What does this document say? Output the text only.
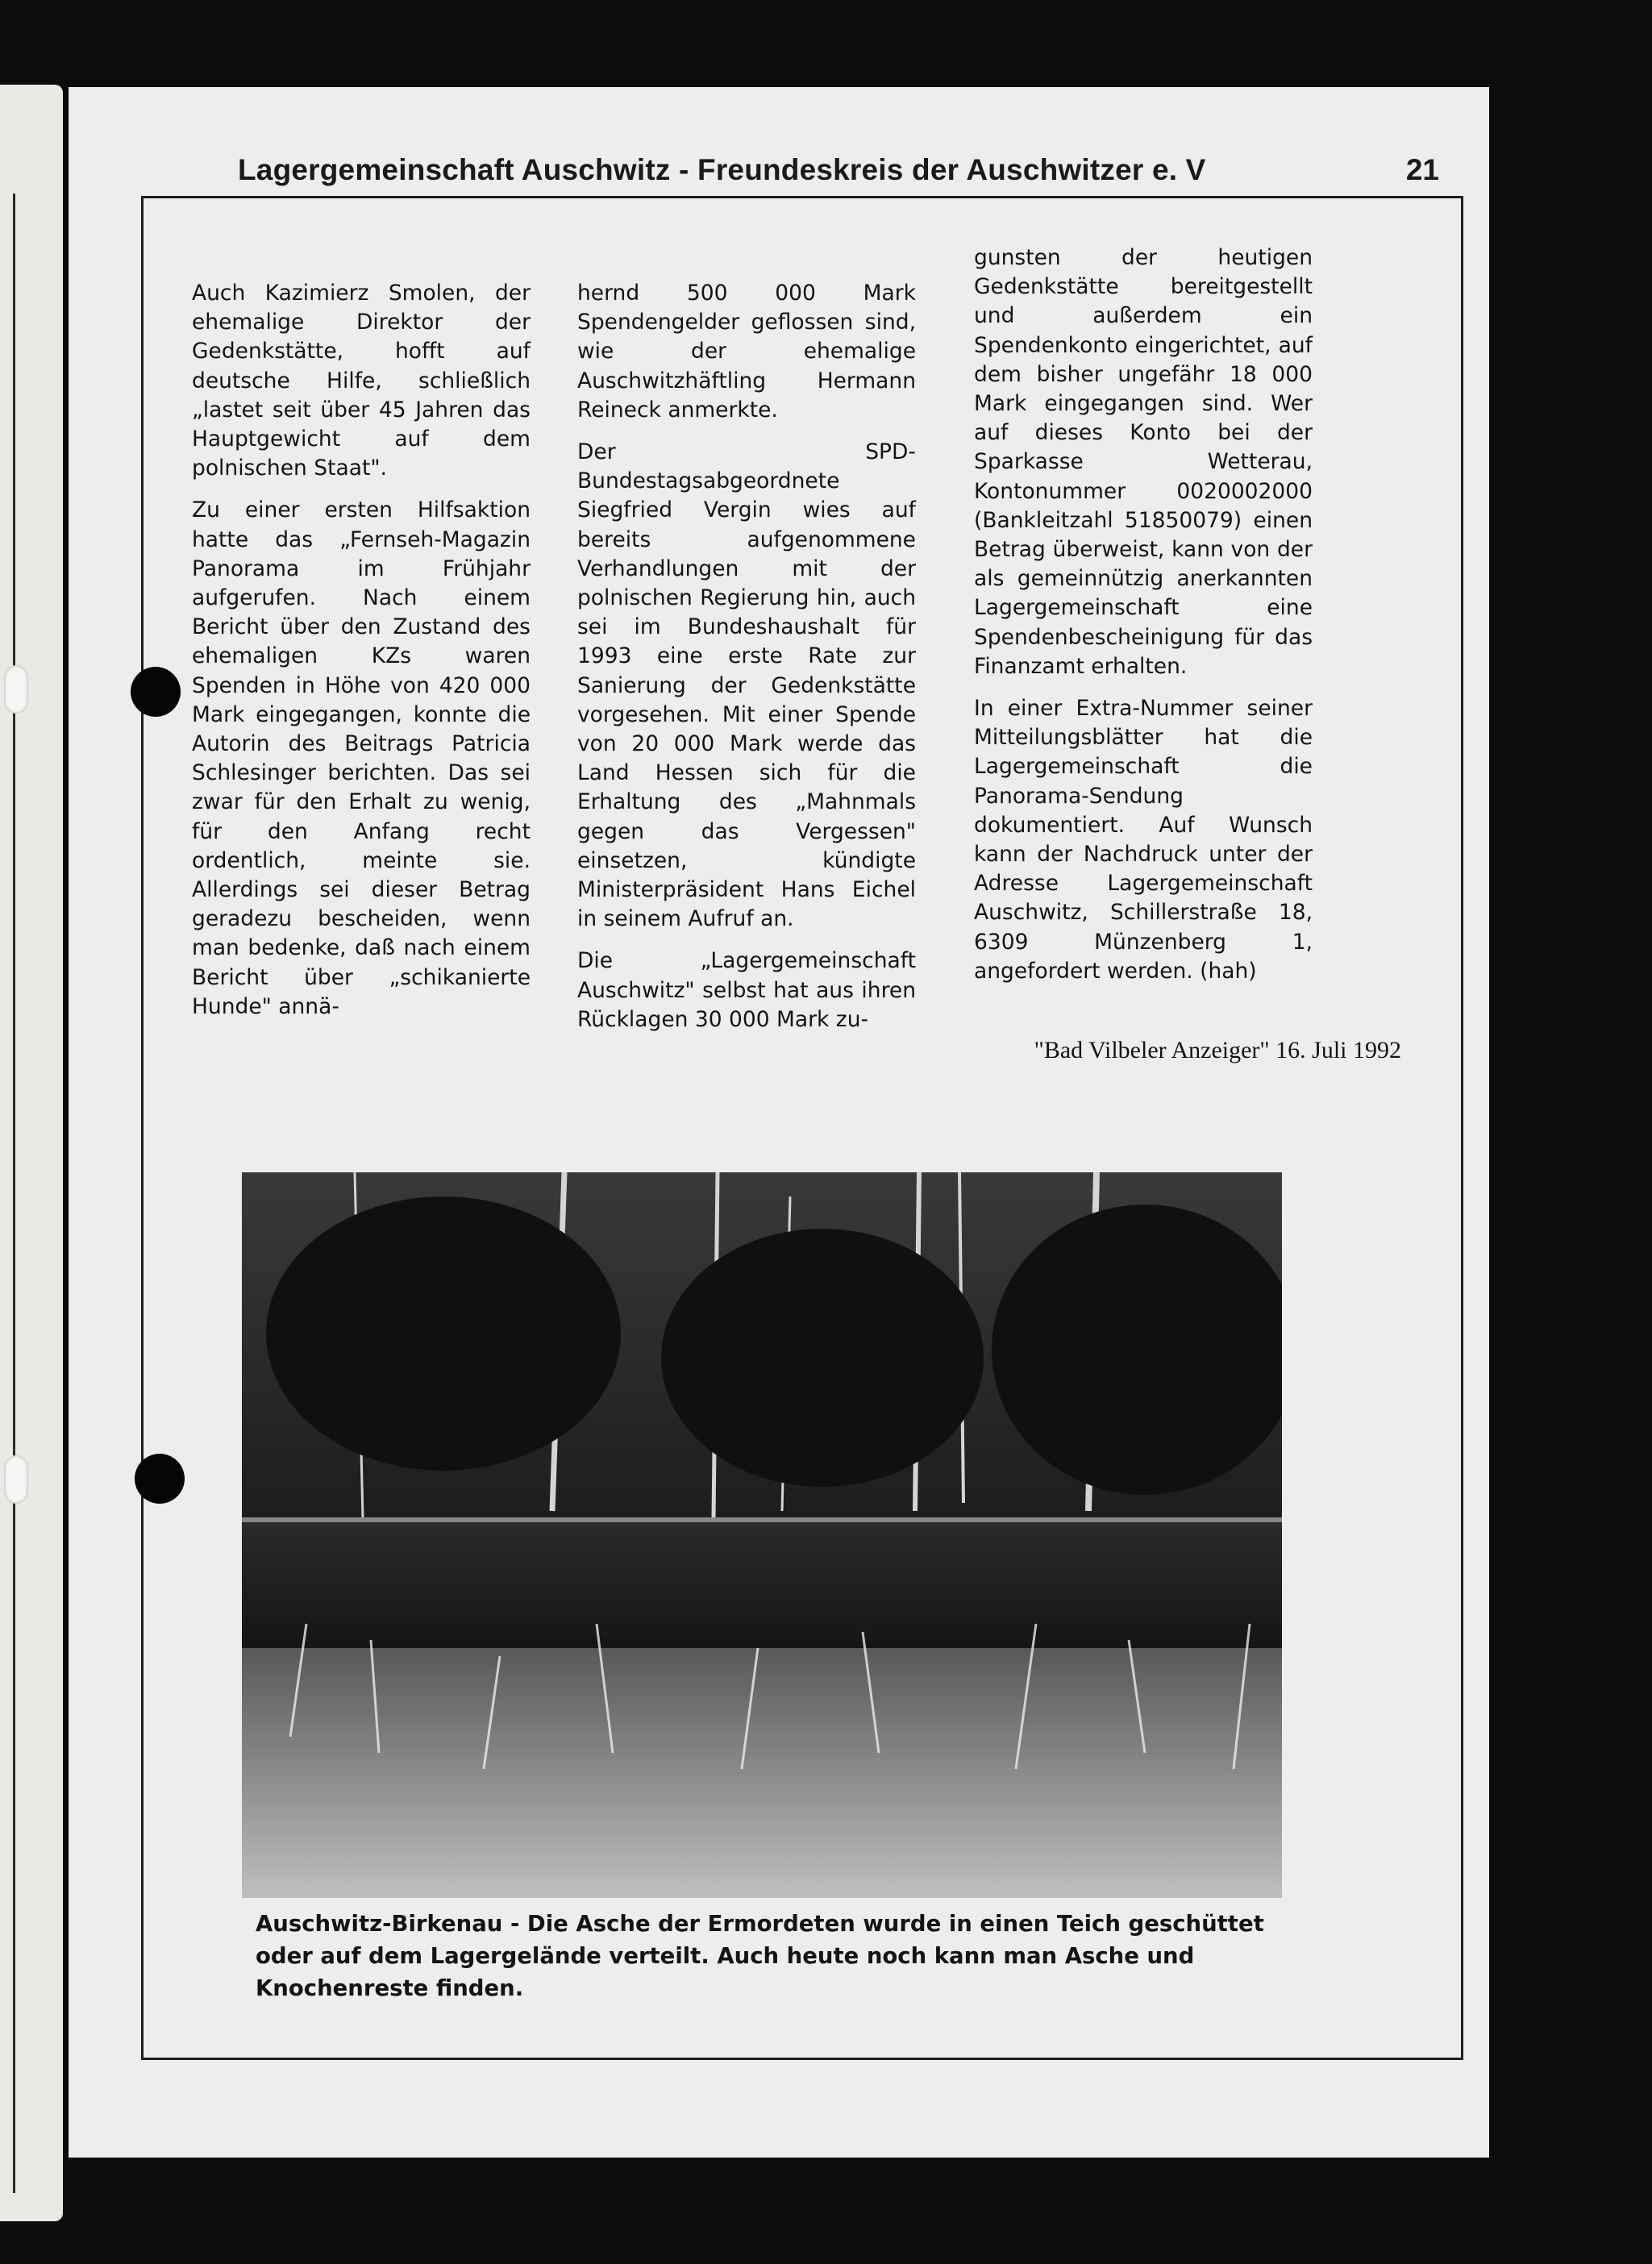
Lagergemeinschaft Auschwitz - Freundeskreis der Auschwitzer e. V	21

Auch Kazimierz Smolen, der ehemalige Direktor der Gedenkstätte, hofft auf deutsche Hilfe, schließlich „lastet seit über 45 Jahren das Hauptgewicht auf dem polnischen Staat".

Zu einer ersten Hilfsaktion hatte das „Fernseh-Magazin Panorama im Frühjahr aufgerufen. Nach einem Bericht über den Zustand des ehemaligen KZs waren Spenden in Höhe von 420 000 Mark eingegangen, konnte die Autorin des Beitrags Patricia Schlesinger berichten. Das sei zwar für den Erhalt zu wenig, für den Anfang recht ordentlich, meinte sie. Allerdings sei dieser Betrag geradezu bescheiden, wenn man bedenke, daß nach einem Bericht über „schikanierte Hunde" annä-

hernd 500 000 Mark Spendengelder geflossen sind, wie der ehemalige Auschwitzhäftling Hermann Reineck anmerkte.

Der SPD-Bundestagsabgeordnete Siegfried Vergin wies auf bereits aufgenommene Verhandlungen mit der polnischen Regierung hin, auch sei im Bundeshaushalt für 1993 eine erste Rate zur Sanierung der Gedenkstätte vorgesehen. Mit einer Spende von 20 000 Mark werde das Land Hessen sich für die Erhaltung des „Mahnmals gegen das Vergessen" einsetzen, kündigte Ministerpräsident Hans Eichel in seinem Aufruf an.

Die „Lagergemeinschaft Auschwitz" selbst hat aus ihren Rücklagen 30 000 Mark zu-

gunsten der heutigen Gedenkstätte bereitgestellt und außerdem ein Spendenkonto eingerichtet, auf dem bisher ungefähr 18 000 Mark eingegangen sind. Wer auf dieses Konto bei der Sparkasse Wetterau, Kontonummer 0020002000 (Bankleitzahl 51850079) einen Betrag überweist, kann von der als gemeinnützig anerkannten Lagergemeinschaft eine Spendenbescheinigung für das Finanzamt erhalten.

In einer Extra-Nummer seiner Mitteilungsblätter hat die Lagergemeinschaft die Panorama-Sendung dokumentiert. Auf Wunsch kann der Nachdruck unter der Adresse Lagergemeinschaft Auschwitz, Schillerstraße 18, 6309 Münzenberg 1, angefordert werden. (hah)

"Bad Vilbeler Anzeiger" 16. Juli 1992
Auschwitz-Birkenau - Die Asche der Ermordeten wurde in einen Teich geschüttet oder auf dem Lagergelände verteilt. Auch heute noch kann man Asche und Knochenreste finden.
